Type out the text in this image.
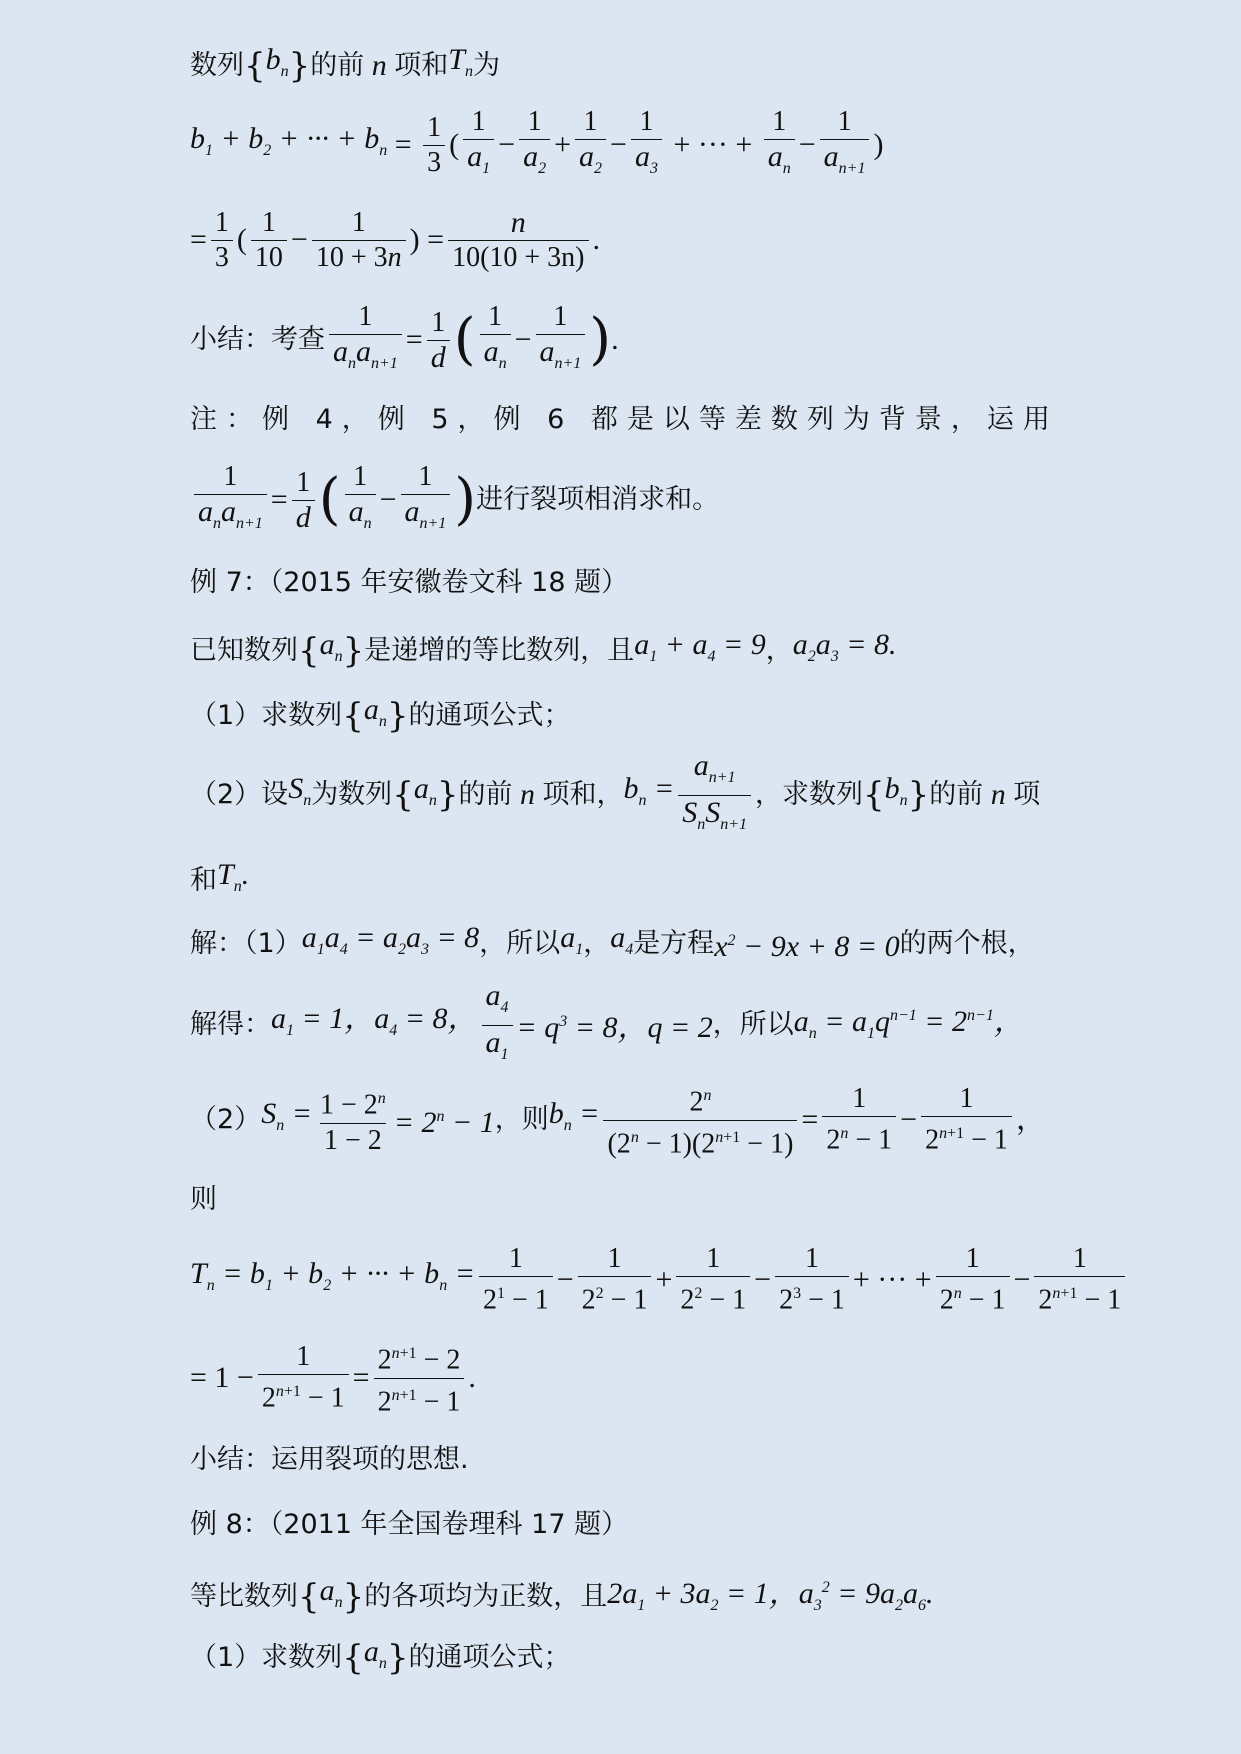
数列 { $b_n$ } 的前 n 项和 $T_n$ 为
$b_1 + b_2$ + ··· + $b_n = \frac{1}{3}$ ( $\frac{1}{a_1} - \frac{1}{a_2} + \frac{1}{a_2} - \frac{1}{a_3}$ + ··· + $\frac{1}{a_n} - \frac{1}{a_{n+1}}$ )
= $\frac{1}{3}$ ( $\frac{1}{10} - \frac{1}{10 + 3n}$ ) = $\frac{n}{10(10 + 3n)}$ .
小结：考查 $\frac{1}{a_na_{n+1}} = \frac{1}{d}$ ( $\frac{1}{a_n} - \frac{1}{a_{n+1}}$ ) .
注：例 4，例 5，例 6 都是以等差数列为背景，运用
$\frac{1}{a_na_{n+1}} = \frac{1}{d}$ ( $\frac{1}{a_n} - \frac{1}{a_{n+1}}$ ) 进行裂项相消求和。
例 7：（2015 年安徽卷文科 18 题）
已知数列 { $a_n$ } 是递增的等比数列，且 $a_1 + a_4 = 9$ ， $a_2a_3 = 8$.
（1）求数列 { $a_n$ } 的通项公式；
（2）设 $S_n$ 为数列 { $a_n$ } 的前 n 项和， $b_n = \frac{a_{n+1}}{S_nS_{n+1}}$ ，求数列 { $b_n$ } 的前 n 项
和 $T_n$.
解：（1） $a_1a_4 = a_2a_3 = 8$ ，所以 $a_1$ ， $a_4$ 是方程 $x^2 - 9x + 8 = 0$ 的两个根，
解得： $a_1 = 1$，$a_4 = 8$， $\frac{a_4}{a_1} = q^3 = 8$，q = 2 ，所以 $a_n = a_1q^{n-1} = 2^{n-1}$，
（2） $S_n = \frac{1 - 2^n}{1 - 2} = 2^n - 1$ ，则 $b_n = \frac{2^n}{(2^n - 1)(2^{n+1} - 1)} = \frac{1}{2^n - 1} - \frac{1}{2^{n+1} - 1}$ ，
则
$T_n = b_1 + b_2$ + ··· + $b_n = \frac{1}{2^1 - 1} - \frac{1}{2^2 - 1} + \frac{1}{2^2 - 1} - \frac{1}{2^3 - 1}$ + ··· + $\frac{1}{2^n - 1} - \frac{1}{2^{n+1} - 1}$
= $1 - \frac{1}{2^{n+1} - 1} = \frac{2^{n+1} - 2}{2^{n+1} - 1}$ .
小结：运用裂项的思想.
例 8：（2011 年全国卷理科 17 题）
等比数列 { $a_n$ } 的各项均为正数，且 $2a_1 + 3a_2 = 1$，$a_3^2 = 9a_2a_6$.
（1）求数列 { $a_n$ } 的通项公式；
